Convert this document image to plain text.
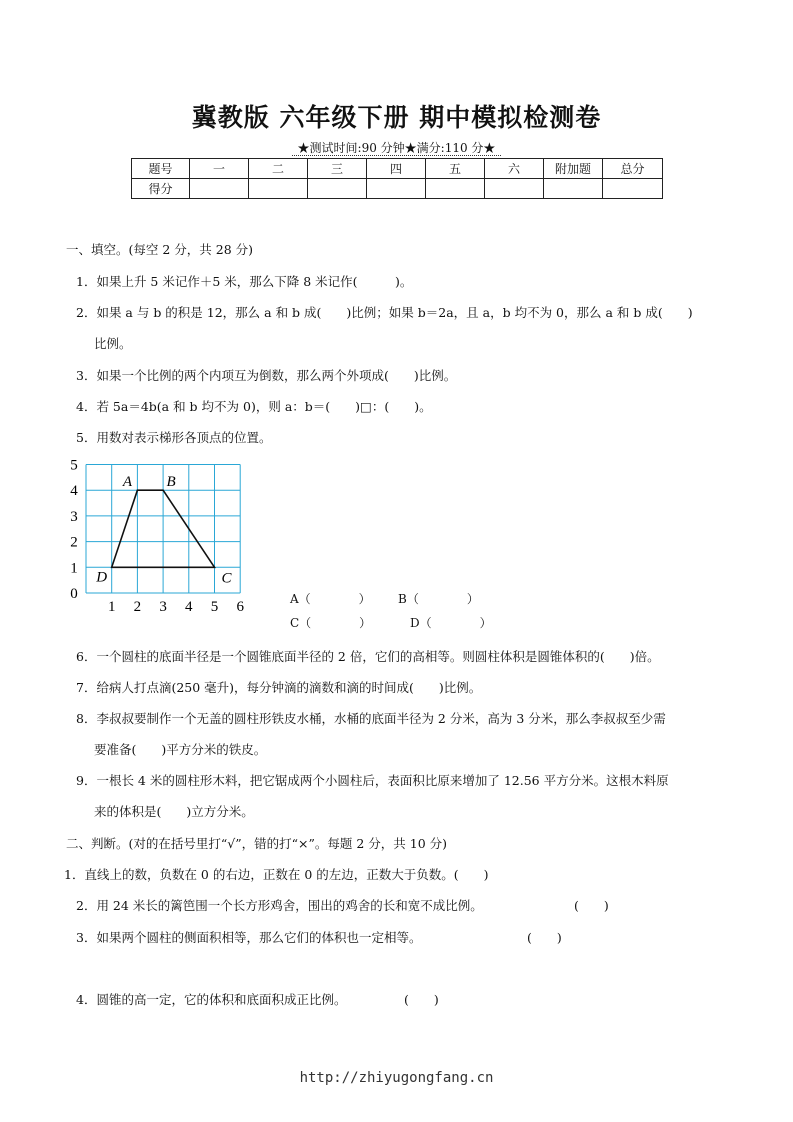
冀教版 六年级下册 期中模拟检测卷
★测试时间:90 分钟★满分:110 分★
题号	一	二	三	四	五	六	附加题	总分
得分								
一、填空。(每空 2 分，共 28 分)
1．如果上升 5 米记作＋5 米，那么下降 8 米记作(　　　)。
2．如果 a 与 b 的积是 12，那么 a 和 b 成(　　)比例；如果 b＝2a，且 a，b 均不为 0，那么 a 和 b 成(　　)
比例。
3．如果一个比例的两个内项互为倒数，那么两个外项成(　　)比例。
4．若 5a＝4b(a 和 b 均不为 0)，则 a：b＝(　　)□：(　　)。
5．用数对表示梯形各顶点的位置。
1 2 3 4 5 6
1
2
3
4
5
0
A B
C
D
A（　　　　） B（　　　　）
C（　　　　）	D（　　　　）
6．一个圆柱的底面半径是一个圆锥底面半径的 2 倍，它们的高相等。则圆柱体积是圆锥体积的(　　)倍。
7．给病人打点滴(250 毫升)，每分钟滴的滴数和滴的时间成(　　)比例。
8．李叔叔要制作一个无盖的圆柱形铁皮水桶，水桶的底面半径为 2 分米，高为 3 分米，那么李叔叔至少需
要准备(　　)平方分米的铁皮。
9．一根长 4 米的圆柱形木料，把它锯成两个小圆柱后，表面积比原来增加了 12.56 平方分米。这根木料原
来的体积是(　　)立方分米。
二、判断。(对的在括号里打“√”，错的打“×”。每题 2 分，共 10 分)
1．直线上的数，负数在 0 的右边，正数在 0 的左边，正数大于负数。(　　)
2．用 24 米长的篱笆围一个长方形鸡舍，围出的鸡舍的长和宽不成比例。	(　　)
3．如果两个圆柱的侧面积相等，那么它们的体积也一定相等。	(　　)
4．圆锥的高一定，它的体积和底面积成正比例。	(　　)
http://zhiyugongfang.cn
